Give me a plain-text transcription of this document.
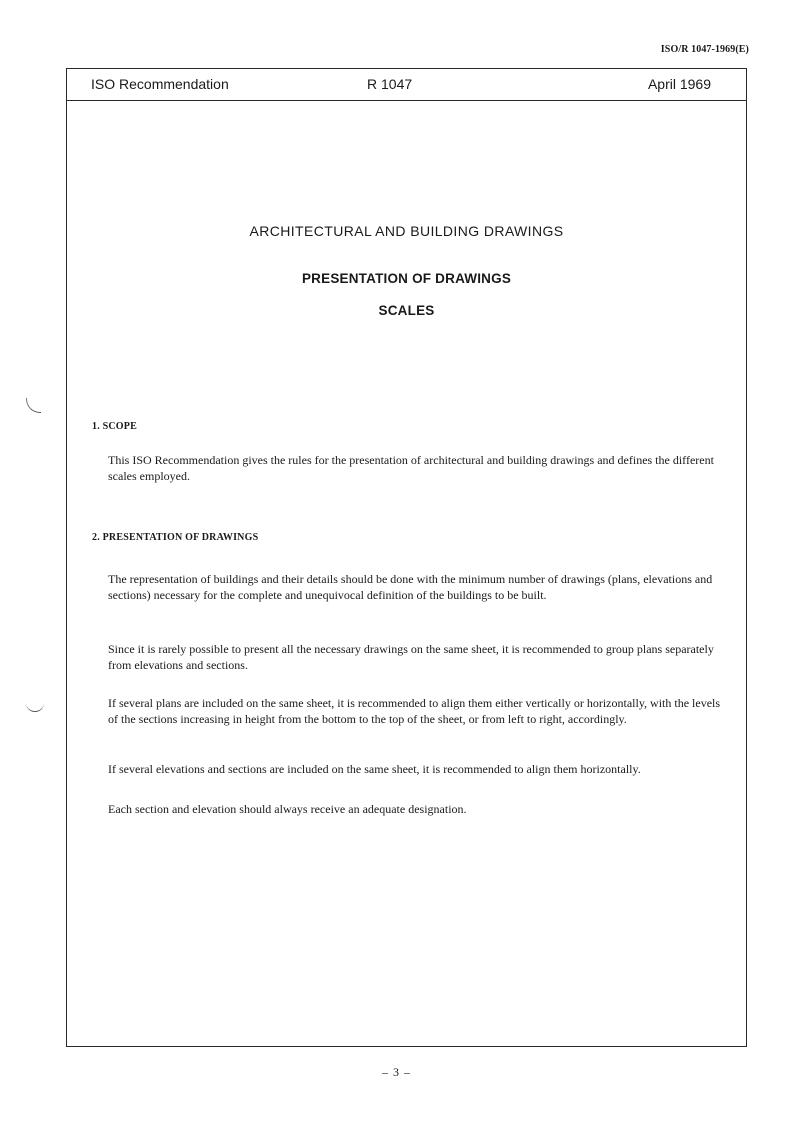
ISO/R 1047-1969(E)
ISO Recommendation	R 1047	April 1969
ARCHITECTURAL AND BUILDING DRAWINGS
PRESENTATION OF DRAWINGS
SCALES
1. SCOPE

This ISO Recommendation gives the rules for the presentation of architectural and building drawings and defines the different scales employed.

2. PRESENTATION OF DRAWINGS

The representation of buildings and their details should be done with the minimum number of drawings (plans, elevations and sections) necessary for the complete and unequivocal definition of the buildings to be built.

Since it is rarely possible to present all the necessary drawings on the same sheet, it is recommended to group plans separately from elevations and sections.

If several plans are included on the same sheet, it is recommended to align them either vertically or horizontally, with the levels of the sections increasing in height from the bottom to the top of the sheet, or from left to right, accordingly.

If several elevations and sections are included on the same sheet, it is recommended to align them horizontally.

Each section and elevation should always receive an adequate designation.

– 3 –
